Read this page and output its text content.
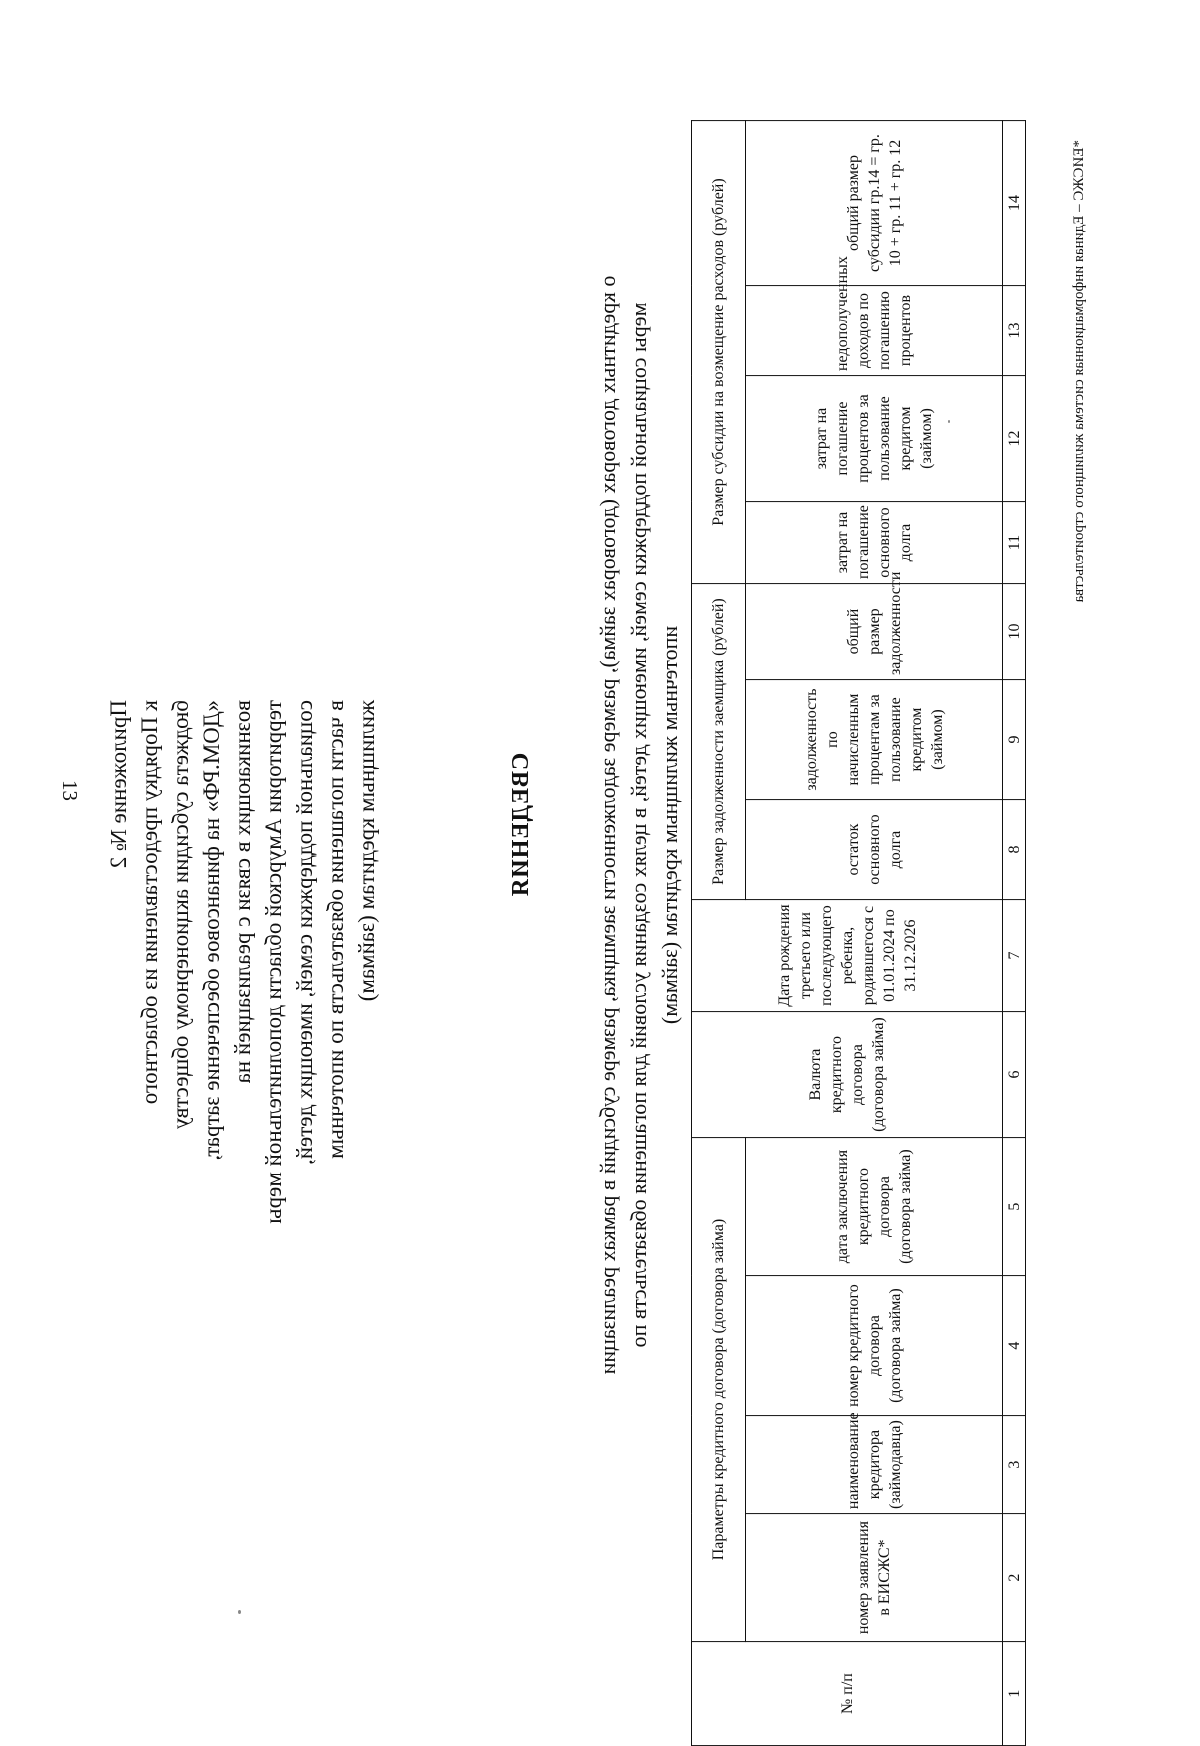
13 Приложение № 2 к Порядку предоставления из областного бюджета субсидии акционерному обществу «ДОМ.РФ» на финансовое обеспечение затрат, возникающих в связи с реализацией на территории Амурской области дополнительной меры социальной поддержки семей, имеющих детей, в части погашения обязательств по ипотечным жилищным кредитам (займам)	СВЕДЕНИЯ	о кредитных договорах (договорах займа), размере задолженности заемщика, размере субсидий в рамках реализации меры социальной поддержки семей, имеющих детей, в целях создания условий для погашения обязательств по ипотечным жилищным кредитам (займам)
№ п/п	Параметры кредитного договора (договора займа)				Валюта кредитного договора (договора займа)	Дата рождения третьего или последующего ребенка, родившегося с 01.01.2024 по 31.12.2026	Размер задолженности заемщика (рублей)			Размер субсидии на возмещение расходов (рублей)			
	номер заявления в ЕИСЖС*	наименование кредитора (займодавца)	номер кредитного договора (договора займа)	дата заключения кредитного договора (договора займа)			остаток основного долга	задолженность по начисленным процентам за пользование кредитом (займом)	общий размер задолженности	затрат на погашение основного долга	затрат на погашение процентов за пользование кредитом (займом)	недополученных доходов по погашению процентов	общий размер субсидии гр.14 = гр. 10 + гр. 11 + гр. 12
1	2	3	4	5	6	7	8	9	10	11	12	13	14	*ЕИСЖС – Единая информационная система жилищного строительства
